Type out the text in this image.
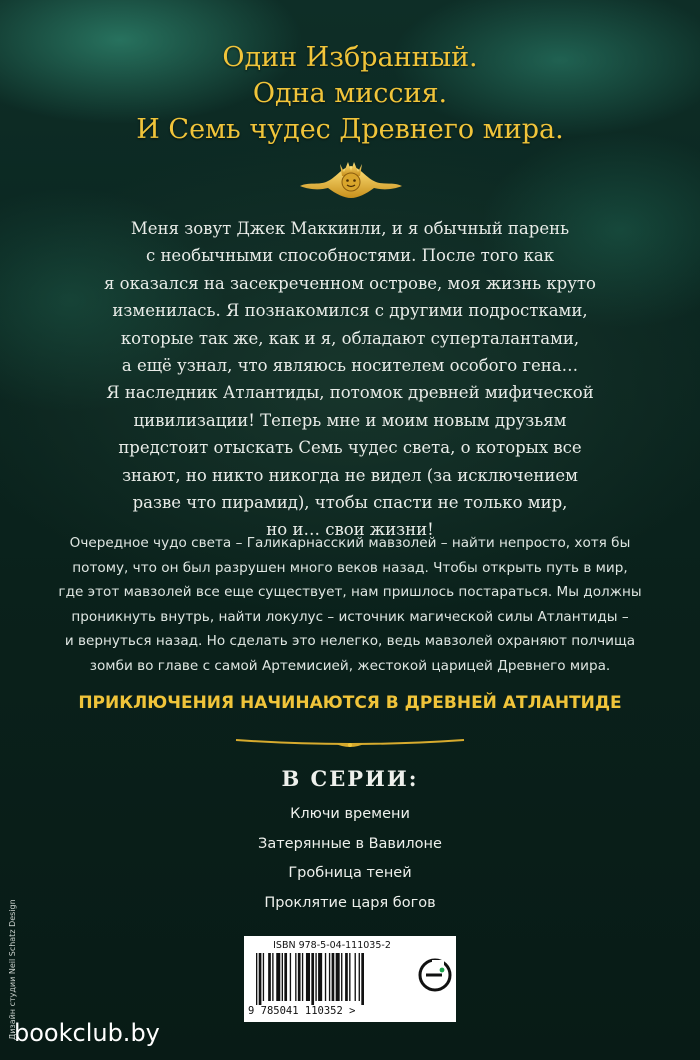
Один Избранный.
Одна миссия.
И Семь чудес Древнего мира.
Меня зовут Джек Маккинли, и я обычный парень
с необычными способностями. После того как
я оказался на засекреченном острове, моя жизнь круто
изменилась. Я познакомился с другими подростками,
которые так же, как и я, обладают суперталантами,
а ещё узнал, что являюсь носителем особого гена…
Я наследник Атлантиды, потомок древней мифической
цивилизации! Теперь мне и моим новым друзьям
предстоит отыскать Семь чудес света, о которых все
знают, но никто никогда не видел (за исключением
разве что пирамид), чтобы спасти не только мир,
но и… свои жизни!
Очередное чудо света – Галикарнасский мавзолей – найти непросто, хотя бы
потому, что он был разрушен много веков назад. Чтобы открыть путь в мир,
где этот мавзолей все еще существует, нам пришлось постараться. Мы должны
проникнуть внутрь, найти локулус – источник магической силы Атлантиды –
и вернуться назад. Но сделать это нелегко, ведь мавзолей охраняют полчища
зомби во главе с самой Артемисией, жестокой царицей Древнего мира.
ПРИКЛЮЧЕНИЯ НАЧИНАЮТСЯ В ДРЕВНЕЙ АТЛАНТИДЕ
В СЕРИИ:
Ключи времени
Затерянные в Вавилоне
Гробница теней
Проклятие царя богов
Дизайн студии Neil Schatz Design	ISBN 978-5-04-111035-2
9 785041 110352 >
bookclub.by
